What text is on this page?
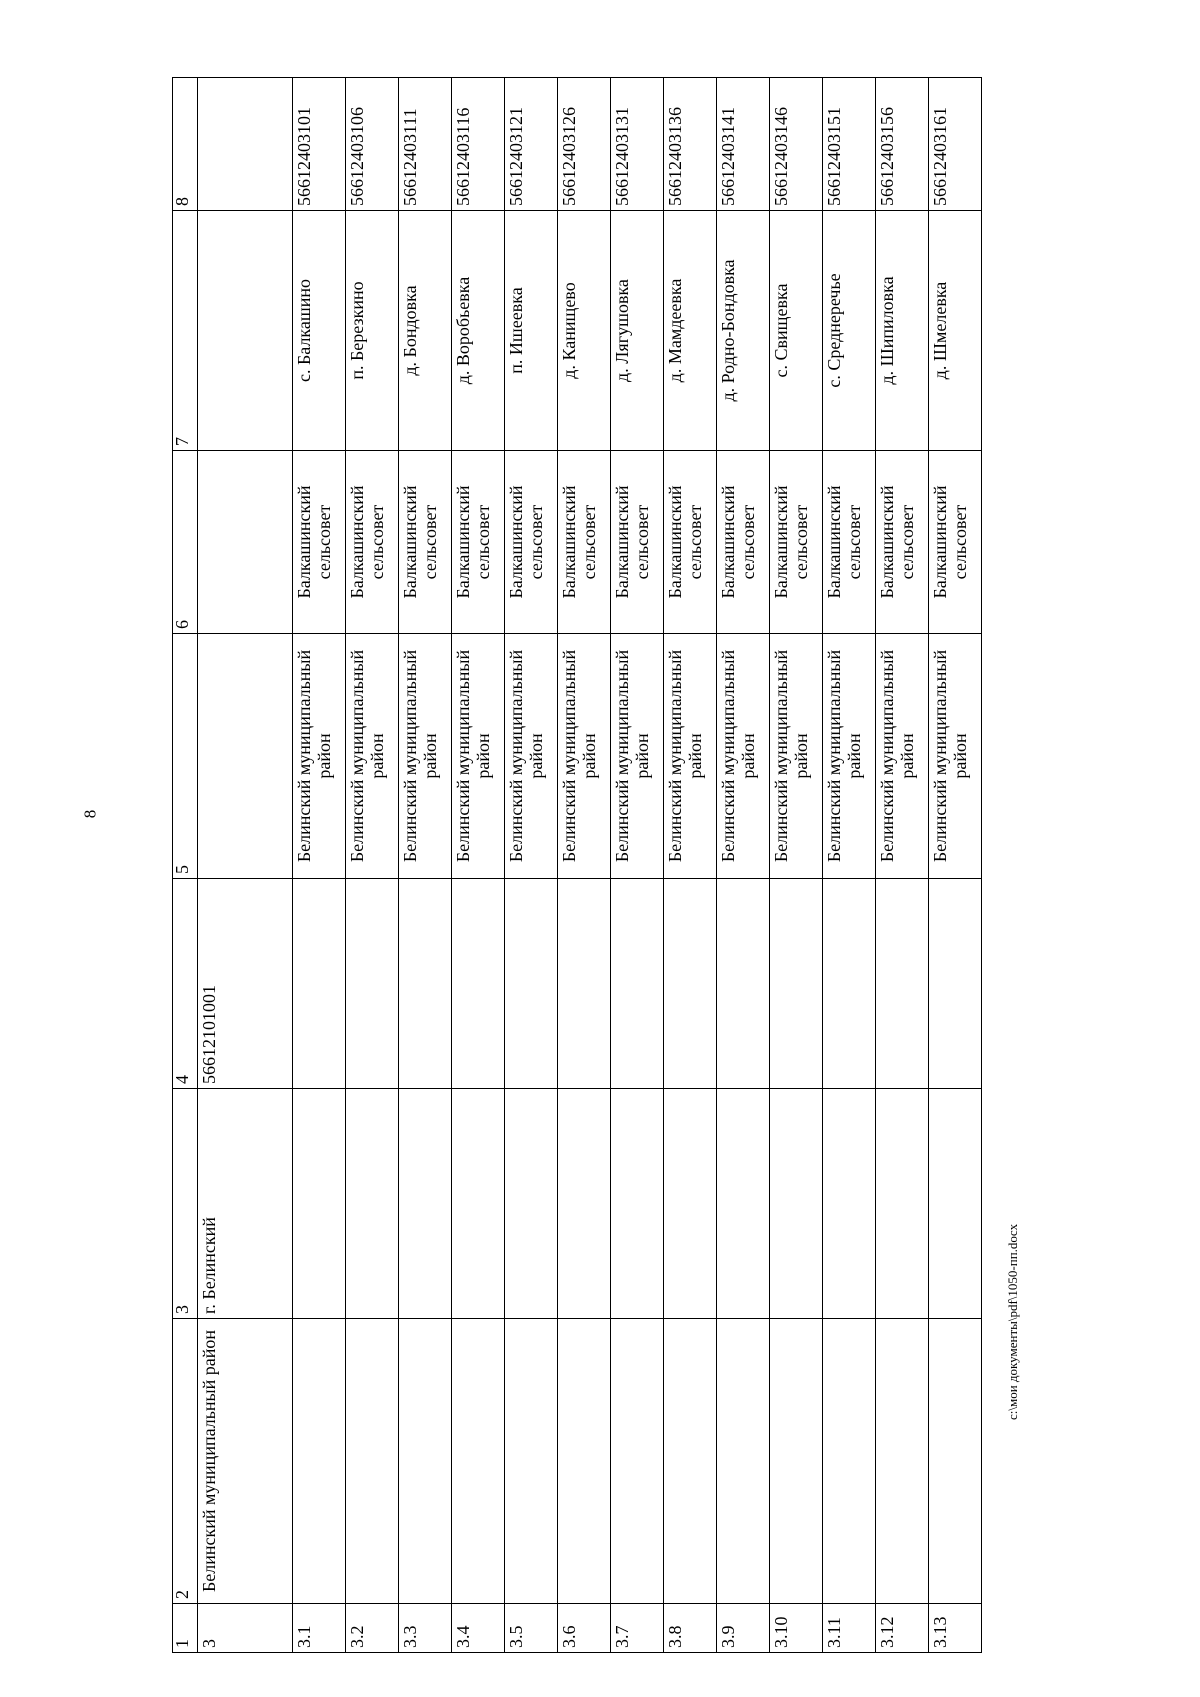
8
1	2	3	4	5	6	7	8
3	Белинский муниципальный район	г. Белинский	56612101001				
3.1				Белинский муниципальный район	Балкашинский сельсовет	с. Балкашино	56612403101
3.2				Белинский муниципальный район	Балкашинский сельсовет	п. Березкино	56612403106
3.3				Белинский муниципальный район	Балкашинский сельсовет	д. Бондовка	56612403111
3.4				Белинский муниципальный район	Балкашинский сельсовет	д. Воробьевка	56612403116
3.5				Белинский муниципальный район	Балкашинский сельсовет	п. Ишеевка	56612403121
3.6				Белинский муниципальный район	Балкашинский сельсовет	д. Канищево	56612403126
3.7				Белинский муниципальный район	Балкашинский сельсовет	д. Лягушовка	56612403131
3.8				Белинский муниципальный район	Балкашинский сельсовет	д. Мамдеевка	56612403136
3.9				Белинский муниципальный район	Балкашинский сельсовет	д. Родно-Бондовка	56612403141
3.10				Белинский муниципальный район	Балкашинский сельсовет	с. Свищевка	56612403146
3.11				Белинский муниципальный район	Балкашинский сельсовет	с. Среднеречье	56612403151
3.12				Белинский муниципальный район	Балкашинский сельсовет	д. Шипиловка	56612403156
3.13				Белинский муниципальный район	Балкашинский сельсовет	д. Шмелевка	56612403161
c:\мои документы\pdf\1050-пп.docx
